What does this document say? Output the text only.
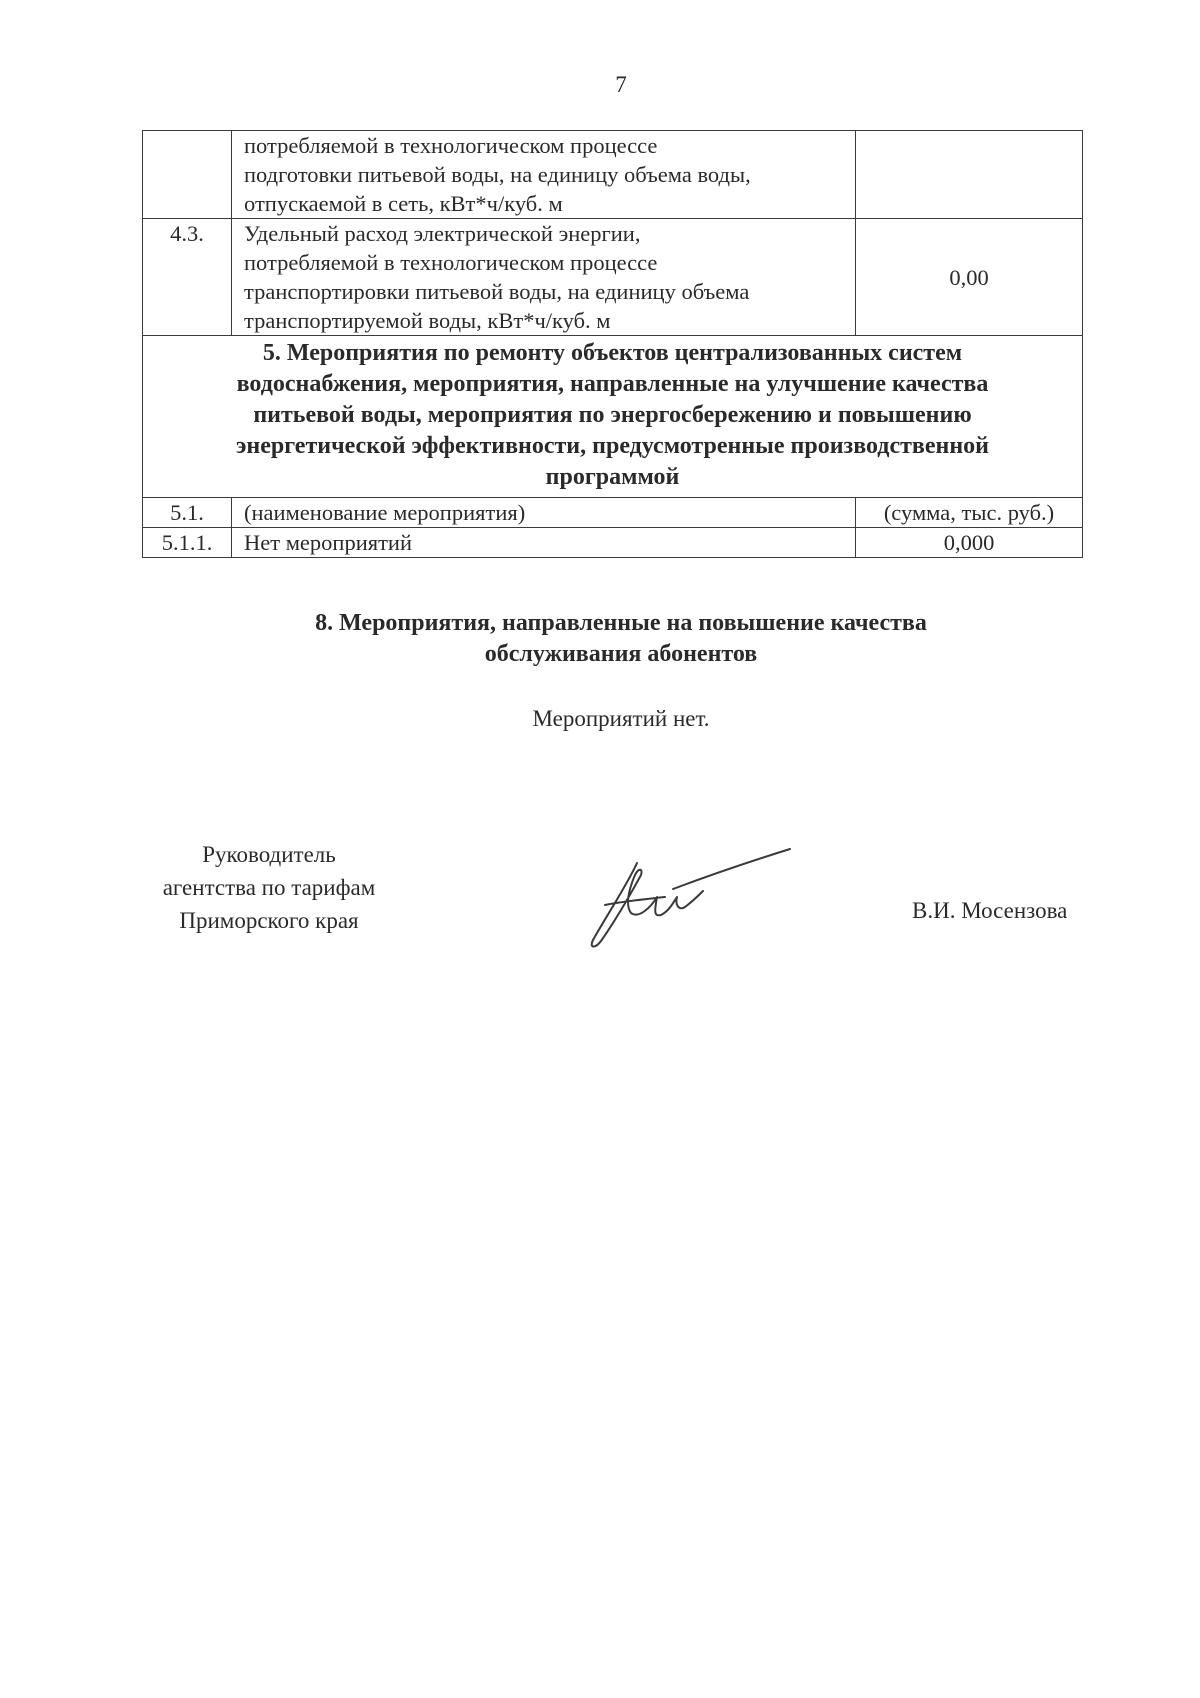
7

	потребляемой в технологическом процессе
подготовки питьевой воды, на единицу объема воды,
отпускаемой в сеть, кВт*ч/куб. м	

4.3.	Удельный расход электрической энергии,
потребляемой в технологическом процессе
транспортировки питьевой воды, на единицу объема
транспортируемой воды, кВт*ч/куб. м	0,00

5. Мероприятия по ремонту объектов централизованных систем
водоснабжения, мероприятия, направленные на улучшение качества
питьевой воды, мероприятия по энергосбережению и повышению
энергетической эффективности, предусмотренные производственной
программой		

5.1.	(наименование мероприятия)	(сумма, тыс. руб.)
5.1.1.	Нет мероприятий	0,000
8. Мероприятия, направленные на повышение качества
обслуживания абонентов
Мероприятий нет.
Руководитель
агентства по тарифам
Приморского края	В.И. Мосензова
